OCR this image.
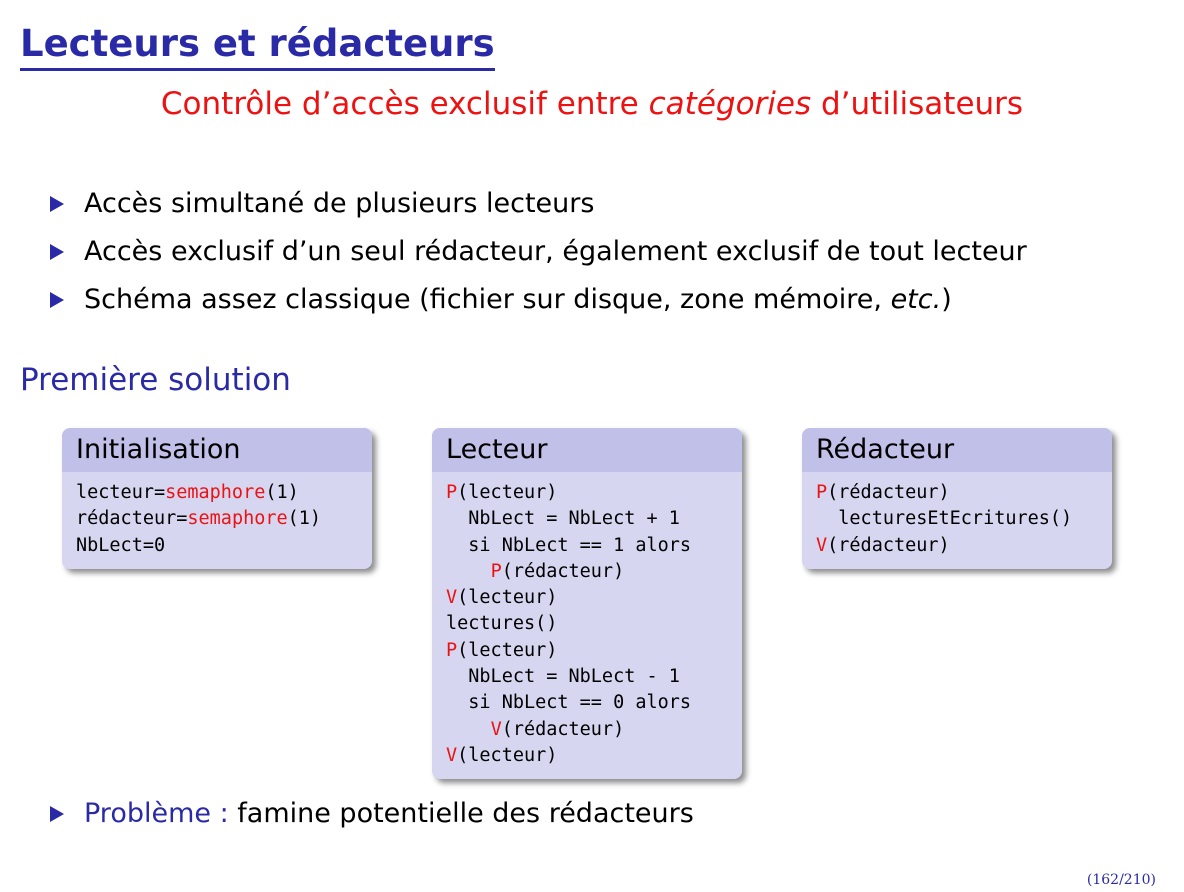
Lecteurs et rédacteurs
Contrôle d’accès exclusif entre catégories d’utilisateurs
Accès simultané de plusieurs lecteurs
Accès exclusif d’un seul rédacteur, également exclusif de tout lecteur
Schéma assez classique (fichier sur disque, zone mémoire, etc.)
Première solution
Initialisation
lecteur=semaphore(1)
rédacteur=semaphore(1)
NbLect=0
Lecteur
P(lecteur)
NbLect = NbLect + 1
si NbLect == 1 alors
P(rédacteur)
V(lecteur)
lectures()
P(lecteur)
NbLect = NbLect - 1
si NbLect == 0 alors
V(rédacteur)
V(lecteur)
Rédacteur
P(rédacteur)
lecturesEtEcritures()
V(rédacteur)
Problème : famine potentielle des rédacteurs
(162/210)
